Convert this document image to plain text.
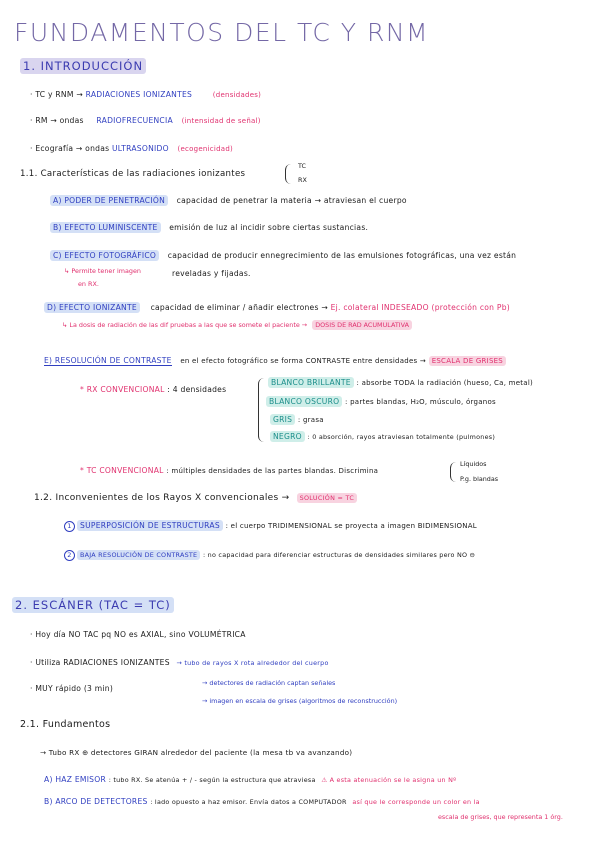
FUNDAMENTOS DEL TC Y RNM
1. INTRODUCCIÓN
· TC y RNM → RADIACIONES IONIZANTES	(densidades)
· RM → ondas RADIOFRECUENCIA (intensidad de señal)
· Ecografía → ondas ULTRASONIDO (ecogenicidad)
1.1. Características de las radiaciones ionizantes
TC
RX
A) PODER DE PENETRACIÓN capacidad de penetrar la materia → atraviesan el cuerpo
B) EFECTO LUMINISCENTE emisión de luz al incidir sobre ciertas sustancias.
C) EFECTO FOTOGRÁFICO capacidad de producir ennegrecimiento de las emulsiones fotográficas, una vez están
↳ Permite tener imagen	reveladas y fijadas.
en RX.
D) EFECTO IONIZANTE capacidad de eliminar / añadir electrones → Ej. colateral INDESEADO (protección con Pb)
↳ La dosis de radiación de las dif pruebas a las que se somete el paciente → DOSIS DE RAD ACUMULATIVA
E) RESOLUCIÓN DE CONTRASTE en el efecto fotográfico se forma CONTRASTE entre densidades → ESCALA DE GRISES
* RX CONVENCIONAL : 4 densidades
BLANCO BRILLANTE : absorbe TODA la radiación (hueso, Ca, metal)
BLANCO OSCURO : partes blandas, H₂O, músculo, órganos
GRIS : grasa
NEGRO : 0 absorción, rayos atraviesan totalmente (pulmones)
* TC CONVENCIONAL : múltiples densidades de las partes blandas. Discrimina
Líquidos
P.g. blandas
1.2. Inconvenientes de los Rayos X convencionales → SOLUCIÓN = TC
1 SUPERPOSICIÓN DE ESTRUCTURAS : el cuerpo TRIDIMENSIONAL se proyecta a imagen BIDIMENSIONAL
2 BAJA RESOLUCIÓN DE CONTRASTE : no capacidad para diferenciar estructuras de densidades similares pero NO ⊖
2. ESCÁNER (TAC = TC)
· Hoy día NO TAC pq NO es AXIAL, sino VOLUMÉTRICA
· Utiliza RADIACIONES IONIZANTES → tubo de rayos X rota alrededor del cuerpo
· MUY rápido (3 min)
→ detectores de radiación captan señales
→ imagen en escala de grises (algoritmos de reconstrucción)
2.1. Fundamentos
→ Tubo RX ⊕ detectores GIRAN alrededor del paciente (la mesa tb va avanzando)
A) HAZ EMISOR : tubo RX. Se atenúa + / - según la estructura que atraviesa ⚠ A esta atenuación se le asigna un Nº
B) ARCO DE DETECTORES : lado opuesto a haz emisor. Envía datos a COMPUTADOR así que le corresponde un color en la
escala de grises, que representa 1 órg.
